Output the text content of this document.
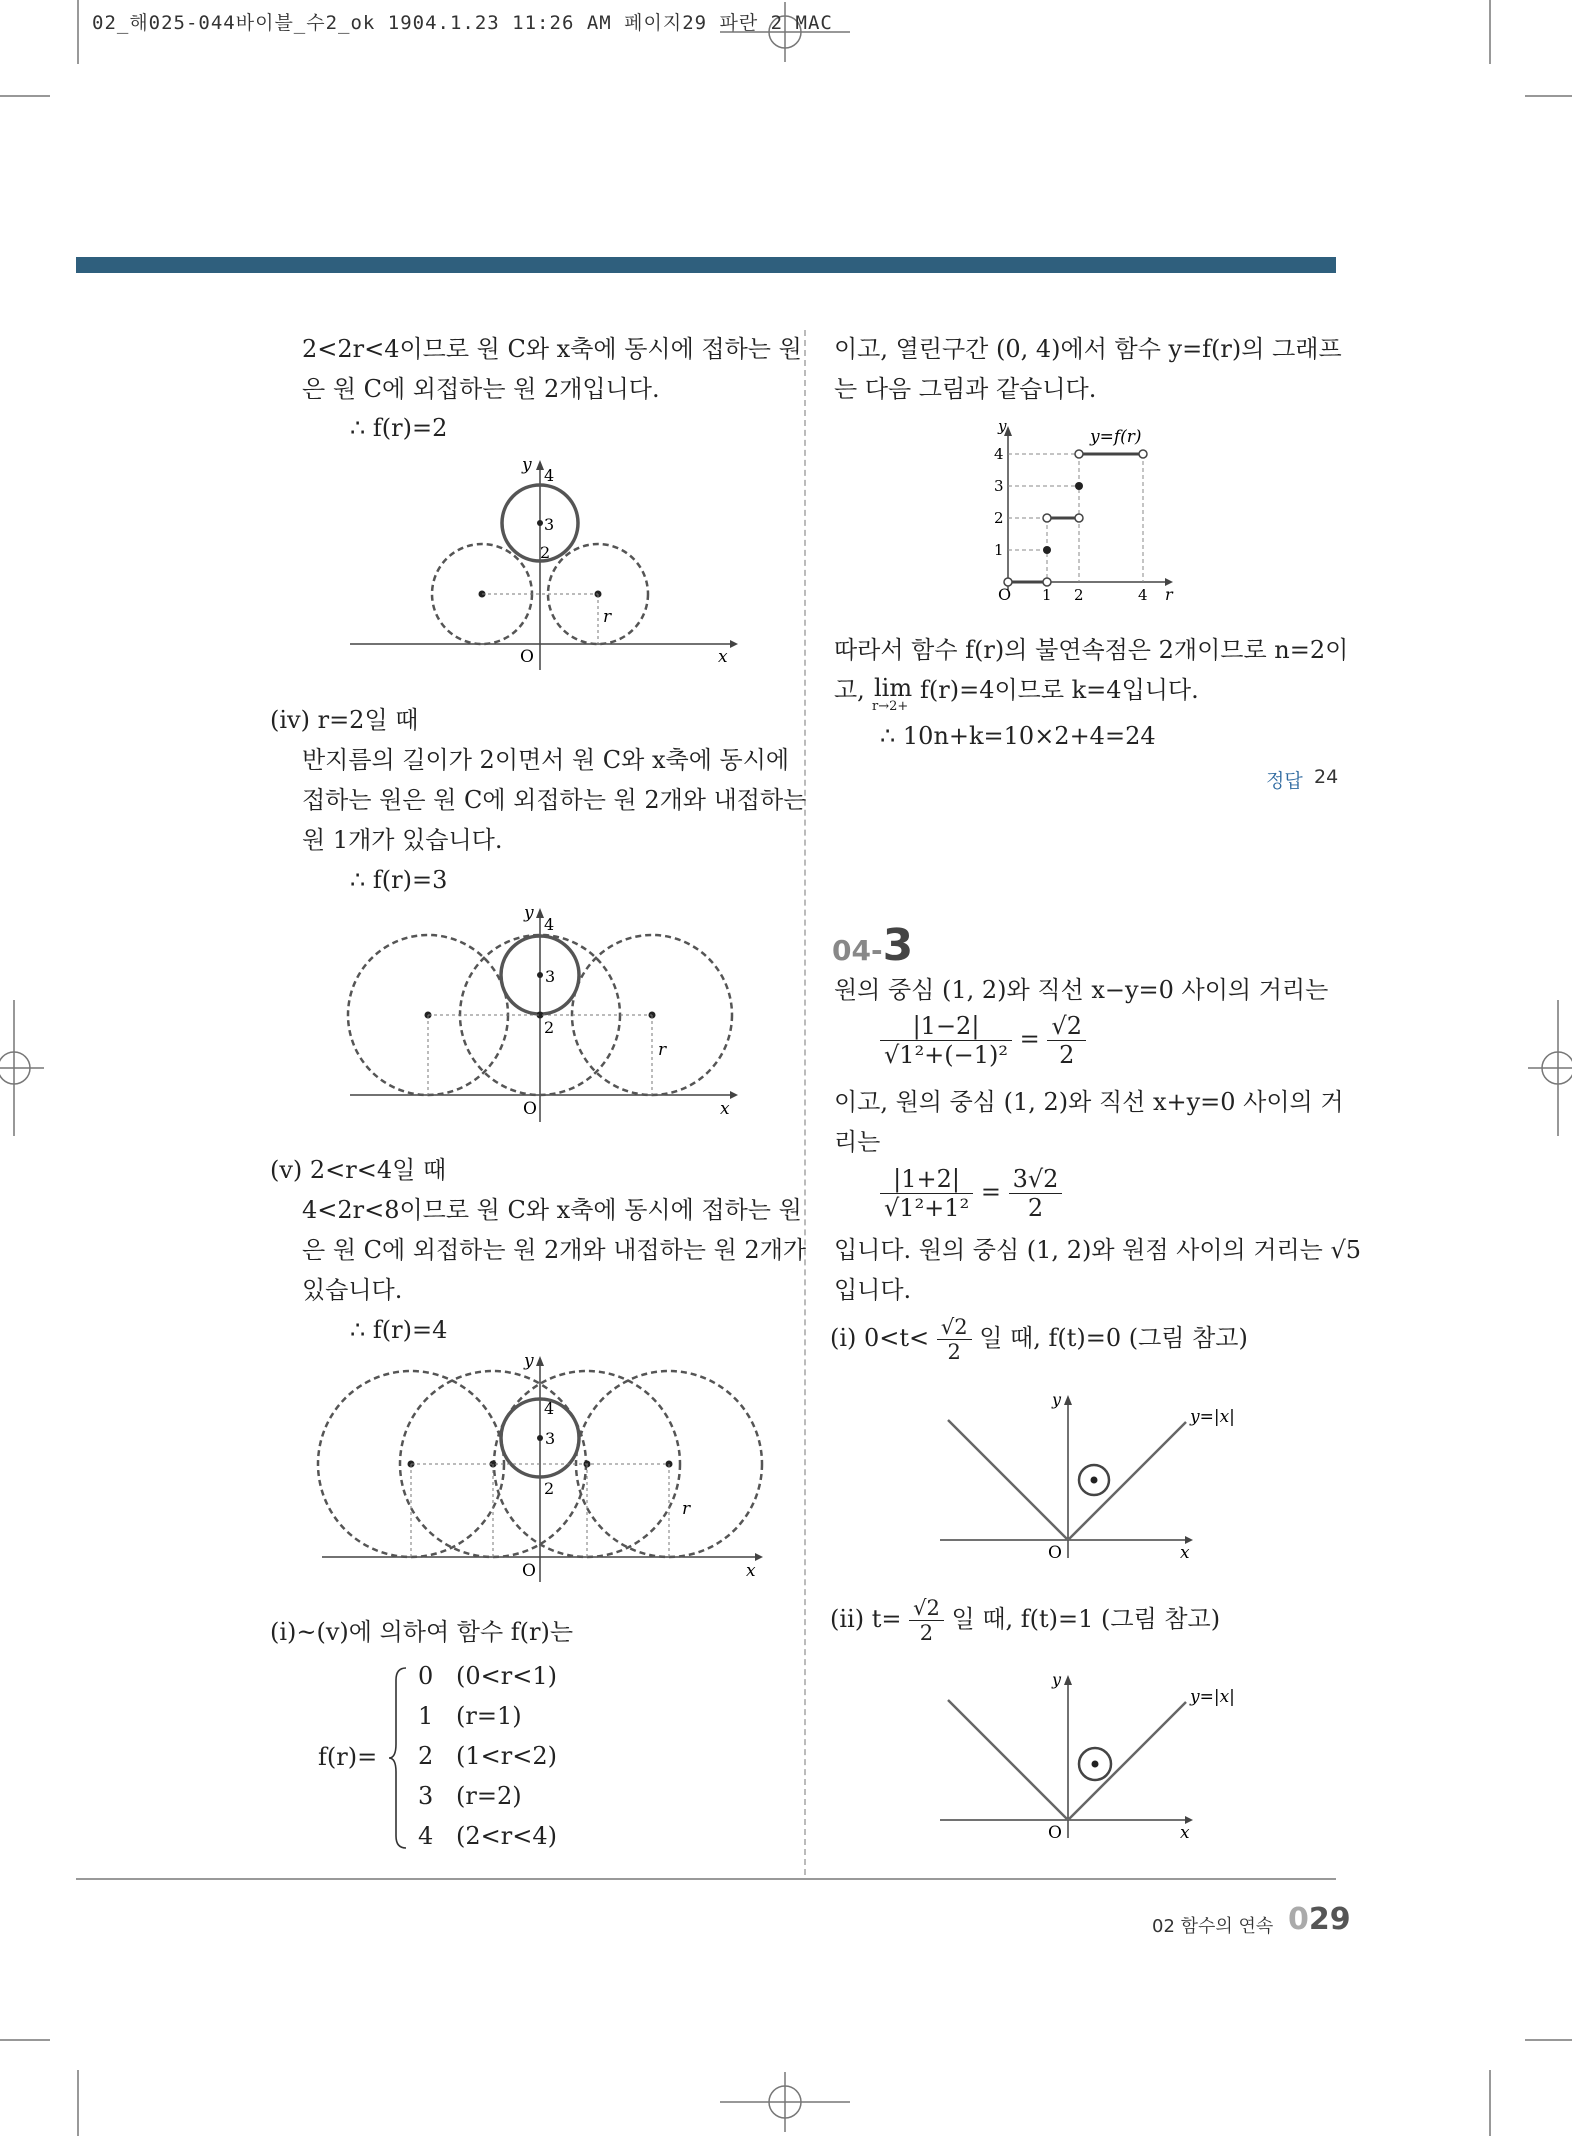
02_해025-044바이블_수2_ok 1904.1.23 11:26 AM 페이지29 파란 2 MAC
2<2r<4이므로 원 C와 x축에 동시에 접하는 원
은 원 C에 외접하는 원 2개입니다.
∴ f(r)=2
y
4
3
2
r
O	x
(ⅳ) r=2일 때
반지름의 길이가 2이면서 원 C와 x축에 동시에
접하는 원은 원 C에 외접하는 원 2개와 내접하는
원 1개가 있습니다.
∴ f(r)=3
y
4
3
2
r
O	x
(ⅴ) 2<r<4일 때
4<2r<8이므로 원 C와 x축에 동시에 접하는 원
은 원 C에 외접하는 원 2개와 내접하는 원 2개가
있습니다.
∴ f(r)=4
y
4
3
2
r
O	x
(ⅰ)~(ⅴ)에 의하여 함수 f(r)는
f(r)=
0 (0<r<1)
1 (r=1)
2 (1<r<2)
3 (r=2)
4 (2<r<4)
이고, 열린구간 (0, 4)에서 함수 y=f(r)의 그래프
는 다음 그림과 같습니다.
y
y=f(r)
4
3
2
1
O 1 2	4 r
따라서 함수 f(r)의 불연속점은 2개이므로 n=2이
고, lim
r→2+
f(r)=4이므로 k=4입니다.
∴ 10n+k=10×2+4=24
정답 24
04-3
원의 중심 (1, 2)와 직선 x−y=0 사이의 거리는
$\frac{|1-2|}{\text{√1²+(−1)²}} = \frac{√2}{2}$
이고, 원의 중심 (1, 2)와 직선 x+y=0 사이의 거
리는
$\frac{|1+2|}{\text{√1²+1²}} = \frac{3√2}{2}$
입니다. 원의 중심 (1, 2)와 원점 사이의 거리는 √5
입니다.
(ⅰ) $0<t< \frac{√2}{2}$ 일 때, f(t)=0 (그림 참고)
y
y=|x|
O	x
(ⅱ) $t= \frac{√2}{2}$ 일 때, f(t)=1 (그림 참고)
y
y=|x|
O	x
02 함수의 연속 029
